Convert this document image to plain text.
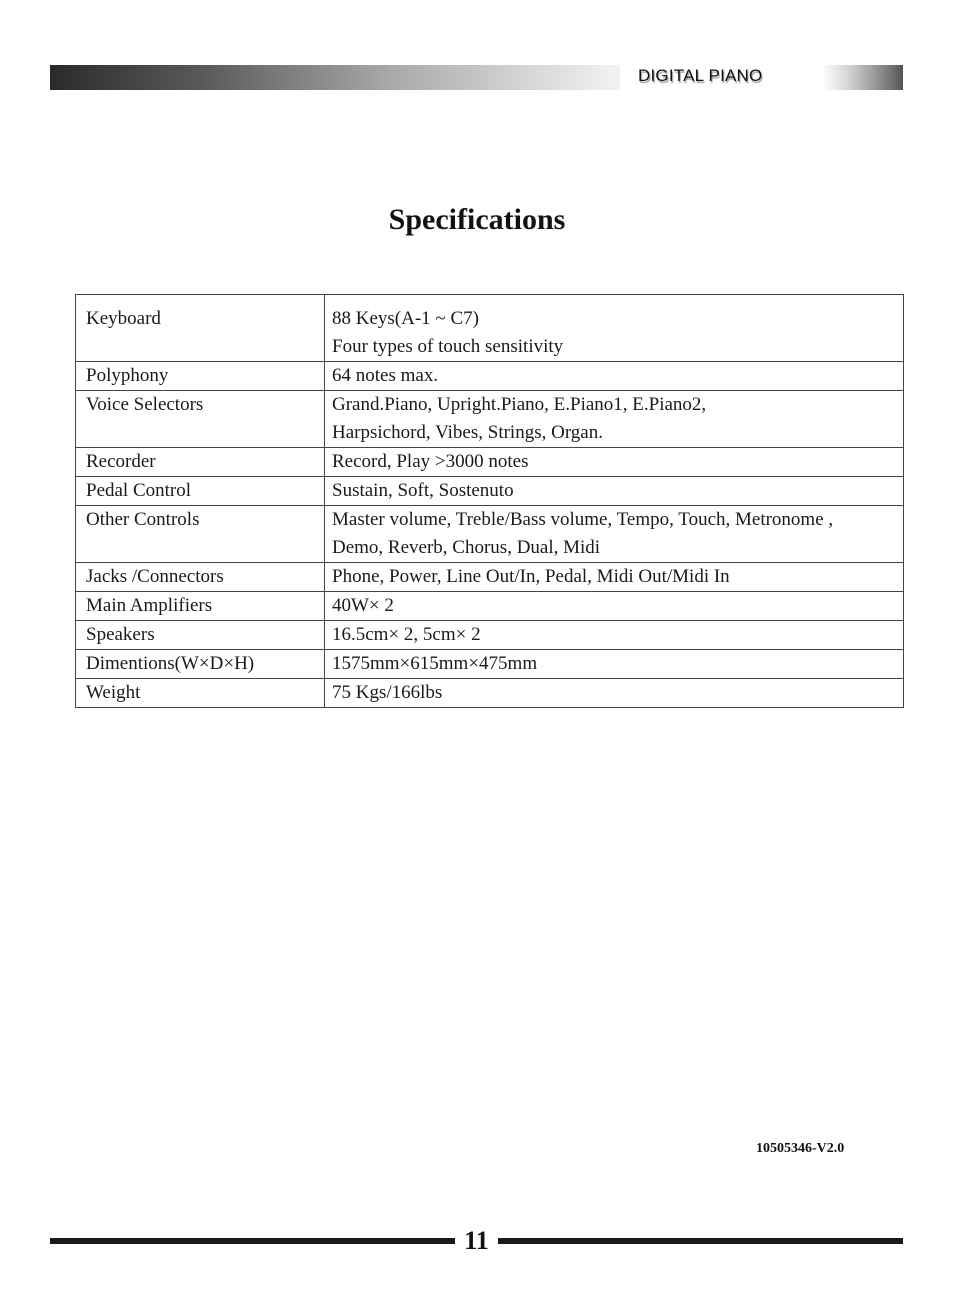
DIGITAL PIANO
Specifications
Keyboard	88 Keys(A-1 ~ C7)
Four types of touch sensitivity

Polyphony	64 notes max.

Voice Selectors	Grand.Piano, Upright.Piano, E.Piano1, E.Piano2,
Harpsichord, Vibes, Strings, Organ.

Recorder	Record, Play >3000 notes

Pedal Control	Sustain, Soft, Sostenuto

Other Controls	Master volume, Treble/Bass volume, Tempo, Touch, Metronome ,
Demo, Reverb, Chorus, Dual, Midi

Jacks /Connectors	Phone, Power, Line Out/In, Pedal, Midi Out/Midi In

Main Amplifiers	40W× 2

Speakers	16.5cm× 2, 5cm× 2

Dimentions(W×D×H)	1575mm×615mm×475mm

Weight	75 Kgs/166lbs
10505346-V2.0
11
